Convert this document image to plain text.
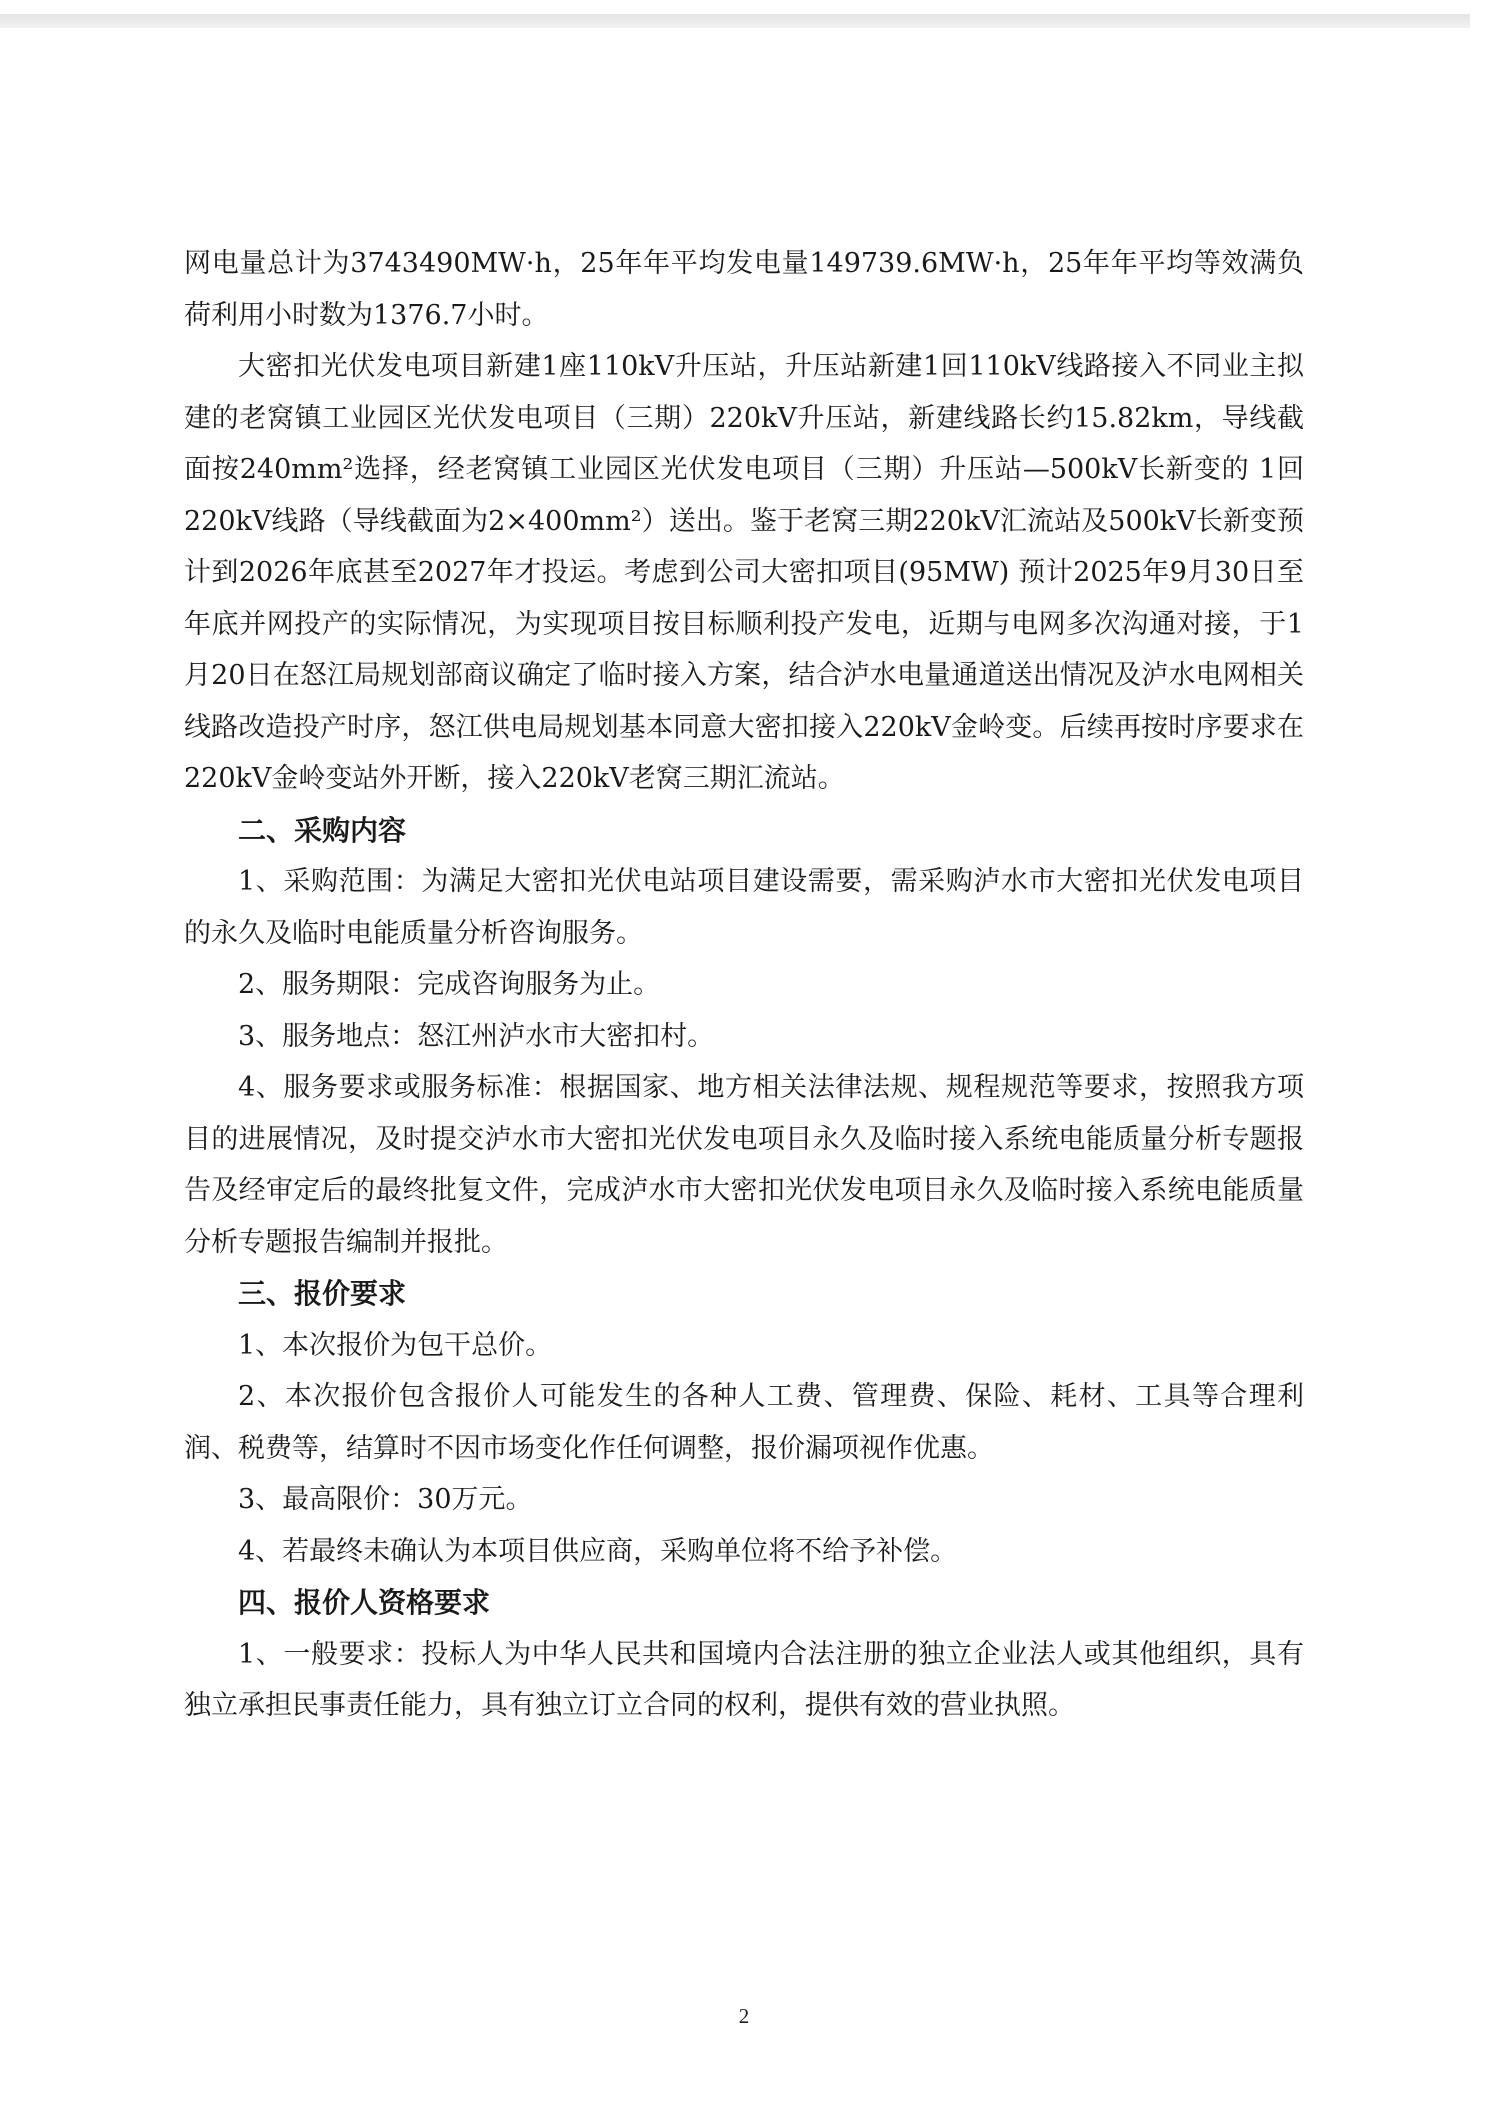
网电量总计为3743490MW·h，25年年平均发电量149739.6MW·h，25年年平均等效满负荷利用小时数为1376.7小时。

大密扣光伏发电项目新建1座110kV升压站，升压站新建1回110kV线路接入不同业主拟建的老窝镇工业园区光伏发电项目（三期）220kV升压站，新建线路长约15.82km，导线截面按240mm²选择，经老窝镇工业园区光伏发电项目（三期）升压站—500kV长新变的 1回220kV线路（导线截面为2×400mm²）送出。鉴于老窝三期220kV汇流站及500kV长新变预计到2026年底甚至2027年才投运。考虑到公司大密扣项目(95MW) 预计2025年9月30日至年底并网投产的实际情况，为实现项目按目标顺利投产发电，近期与电网多次沟通对接，于1月20日在怒江局规划部商议确定了临时接入方案，结合泸水电量通道送出情况及泸水电网相关线路改造投产时序，怒江供电局规划基本同意大密扣接入220kV金岭变。后续再按时序要求在220kV金岭变站外开断，接入220kV老窝三期汇流站。

二、采购内容

1、采购范围：为满足大密扣光伏电站项目建设需要，需采购泸水市大密扣光伏发电项目的永久及临时电能质量分析咨询服务。

2、服务期限：完成咨询服务为止。

3、服务地点：怒江州泸水市大密扣村。

4、服务要求或服务标准：根据国家、地方相关法律法规、规程规范等要求，按照我方项目的进展情况，及时提交泸水市大密扣光伏发电项目永久及临时接入系统电能质量分析专题报告及经审定后的最终批复文件，完成泸水市大密扣光伏发电项目永久及临时接入系统电能质量分析专题报告编制并报批。

三、报价要求

1、本次报价为包干总价。

2、本次报价包含报价人可能发生的各种人工费、管理费、保险、耗材、工具等合理利润、税费等，结算时不因市场变化作任何调整，报价漏项视作优惠。

3、最高限价：30万元。

4、若最终未确认为本项目供应商，采购单位将不给予补偿。

四、报价人资格要求

1、一般要求：投标人为中华人民共和国境内合法注册的独立企业法人或其他组织，具有独立承担民事责任能力，具有独立订立合同的权利，提供有效的营业执照。

2
